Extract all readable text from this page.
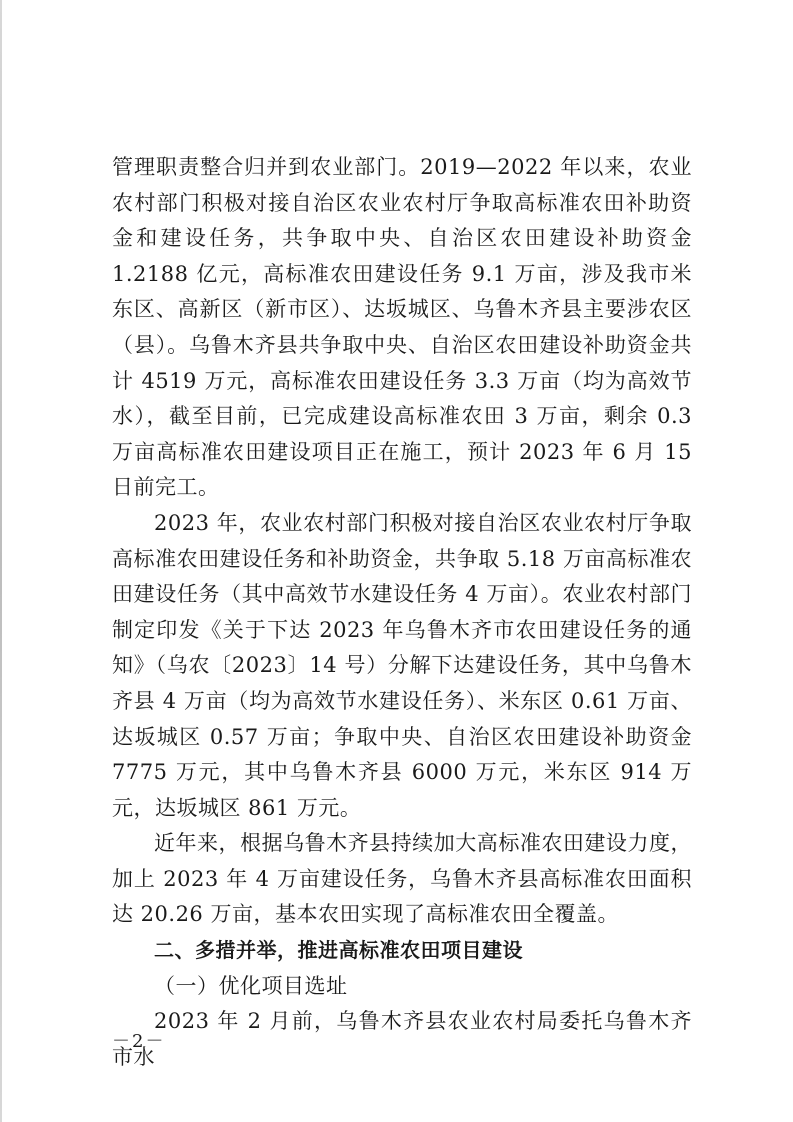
管理职责整合归并到农业部门。2019—2022 年以来，农业农村部门积极对接自治区农业农村厅争取高标准农田补助资金和建设任务，共争取中央、自治区农田建设补助资金 1.2188 亿元，高标准农田建设任务 9.1 万亩，涉及我市米东区、高新区（新市区）、达坂城区、乌鲁木齐县主要涉农区（县）。乌鲁木齐县共争取中央、自治区农田建设补助资金共计 4519 万元，高标准农田建设任务 3.3 万亩（均为高效节水），截至目前，已完成建设高标准农田 3 万亩，剩余 0.3 万亩高标准农田建设项目正在施工，预计 2023 年 6 月 15 日前完工。

2023 年，农业农村部门积极对接自治区农业农村厅争取高标准农田建设任务和补助资金，共争取 5.18 万亩高标准农田建设任务（其中高效节水建设任务 4 万亩）。农业农村部门制定印发《关于下达 2023 年乌鲁木齐市农田建设任务的通知》（乌农〔2023〕14 号）分解下达建设任务，其中乌鲁木齐县 4 万亩（均为高效节水建设任务）、米东区 0.61 万亩、达坂城区 0.57 万亩；争取中央、自治区农田建设补助资金 7775 万元，其中乌鲁木齐县 6000 万元，米东区 914 万元，达坂城区 861 万元。

近年来，根据乌鲁木齐县持续加大高标准农田建设力度，加上 2023 年 4 万亩建设任务，乌鲁木齐县高标准农田面积达 20.26 万亩，基本农田实现了高标准农田全覆盖。

二、多措并举，推进高标准农田项目建设

（一）优化项目选址

2023 年 2 月前，乌鲁木齐县农业农村局委托乌鲁木齐市水

－2－
